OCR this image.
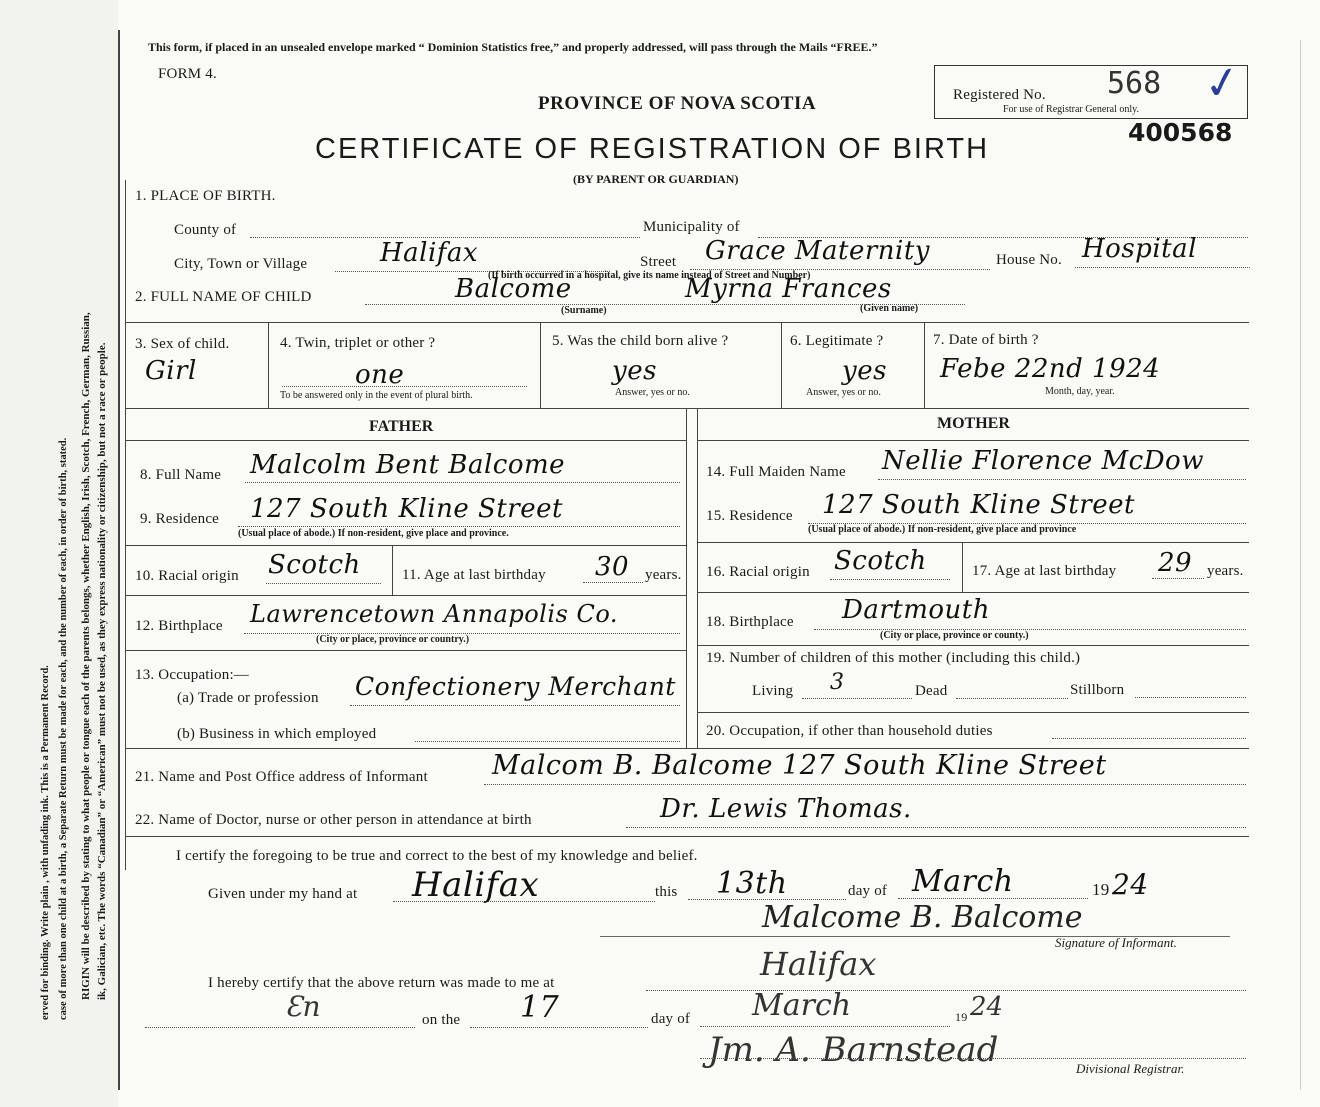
erved for binding. Write plain , with unfading ink. This is a Permanent Record. case of more than one child at a birth, a Separate Return must be made for each, and the number of each, in order of birth, stated. RIGIN will be described by stating to what people or tongue each of the parents belongs, whether English, Irish, Scotch, French, German, Russian, ik, Galician, etc. The words “Canadian” or “American” must not be used, as they express nationality or citizenship, but not a race or people.
This form, if placed in an unsealed envelope marked “ Dominion Statistics free,” and properly addressed, will pass through the Mails “FREE.”
FORM 4.
PROVINCE OF NOVA SCOTIA
CERTIFICATE OF REGISTRATION OF BIRTH
(BY PARENT OR GUARDIAN)
Registered No. 568
For use of Registrar General only. ✓
400568
1. PLACE OF BIRTH.
County of	Municipality of
City, Town or Village	Halifax	Street Grace Maternity	House No. Hospital
(If birth occurred in a hospital, give its name instead of Street and Number)
2. FULL NAME OF CHILD	Balcome	Myrna Frances
(Surname)	(Given name)
3. Sex of child.
Girl
4. Twin, triplet or other ?
one
To be answered only in the event of plural birth.
5. Was the child born alive ?
yes
Answer, yes or no.
6. Legitimate ?
yes
Answer, yes or no.
7. Date of birth ?
Febe 22nd 1924
Month, day, year.
FATHER	MOTHER
8. Full Name Malcolm Bent Balcome
9. Residence 127 South Kline Street
(Usual place of abode.) If non-resident, give place and province.
10. Racial origin Scotch	11. Age at last birthday 30 years.
12. Birthplace Lawrencetown Annapolis Co.
(City or place, province or country.)
13. Occupation:—
(a) Trade or profession Confectionery Merchant
(b) Business in which employed
14. Full Maiden Name Nellie Florence McDow
15. Residence 127 South Kline Street
(Usual place of abode.) If non-resident, give place and province
16. Racial origin Scotch	17. Age at last birthday 29 years.
18. Birthplace Dartmouth
(City or place, province or county.)
19. Number of children of this mother (including this child.)
Living 3	Dead	Stillborn
20. Occupation, if other than household duties
21. Name and Post Office address of Informant Malcom B. Balcome 127 South Kline Street
22. Name of Doctor, nurse or other person in attendance at birth	Dr. Lewis Thomas.
I certify the foregoing to be true and correct to the best of my knowledge and belief.
Given under my hand at Halifax	this 13th	day of March	19 24
Malcome B. Balcome
Signature of Informant.
I hereby certify that the above return was made to me at	Halifax
Ɛn	on the 17	day of March	19 24
Jm. A. Barnstead	Divisional Registrar.
